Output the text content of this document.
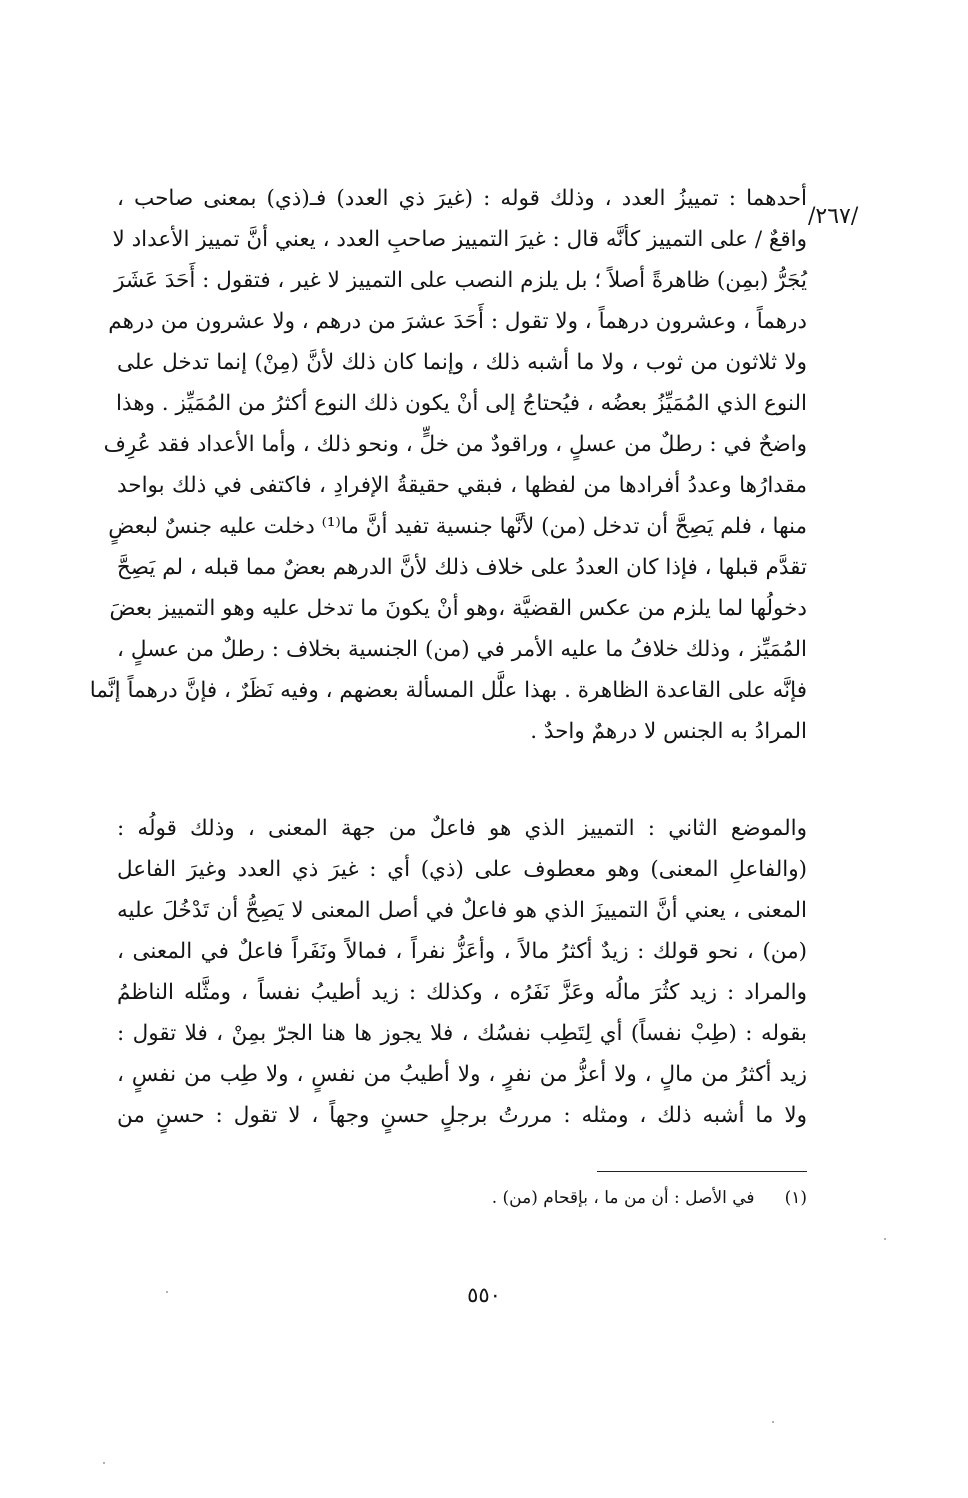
/٢٦٧/
أحدهما : تمييزُ العدد ، وذلك قوله : (غيرَ ذي العدد) فـ(ذي) بمعنى صاحب ،
واقعٌ / على التمييز كأنَّه قال : غيرَ التمييز صاحبِ العدد ، يعني أنَّ تمييز الأعداد لا
يُجَرُّ (بمِن) ظاهرةً أصلاً ؛ بل يلزم النصب على التمييز لا غير ، فتقول : أَحَدَ عَشَرَ
درهماً ، وعشرون درهماً ، ولا تقول : أَحَدَ عشرَ من درهم ، ولا عشرون من درهم
ولا ثلاثون من ثوب ، ولا ما أشبه ذلك ، وإنما كان ذلك لأنَّ (مِنْ) إنما تدخل على
النوع الذي المُمَيِّزُ بعضُه ، فيُحتاجُ إلى أنْ يكون ذلك النوع أكثرُ من المُمَيِّز . وهذا
واضحٌ في : رطلٌ من عسلٍ ، وراقودٌ من خلٍّ ، ونحو ذلك ، وأما الأعداد فقد عُرِف
مقدارُها وعددُ أفرادها من لفظها ، فبقي حقيقةُ الإفرادِ ، فاكتفى في ذلك بواحد
منها ، فلم يَصِحَّ أن تدخل (من) لأنَّها جنسية تفيد أنَّ ما⁽¹⁾ دخلت عليه جنسٌ لبعضٍ
تقدَّم قبلها ، فإذا كان العددُ على خلاف ذلك لأنَّ الدرهم بعضٌ مما قبله ، لم يَصِحَّ
دخولُها لما يلزم من عكس القضيَّة ،وهو أنْ يكونَ ما تدخل عليه وهو التمييز بعضَ
المُمَيِّز ، وذلك خلافُ ما عليه الأمر في (من) الجنسية بخلاف : رطلٌ من عسلٍ ،
فإنَّه على القاعدة الظاهرة . بهذا علَّل المسألة بعضهم ، وفيه نَظَرٌ ، فإنَّ درهماً إنَّما
المرادُ به الجنس لا درهمٌ واحدٌ .
والموضع الثاني : التمييز الذي هو فاعلٌ من جهة المعنى ، وذلك قولُه :
(والفاعلِ المعنى) وهو معطوف على (ذي) أي : غيرَ ذي العدد وغيرَ الفاعل
المعنى ، يعني أنَّ التمييزَ الذي هو فاعلٌ في أصل المعنى لا يَصِحُّ أن تَدْخُلَ عليه
(من) ، نحو قولك : زيدٌ أكثرُ مالاً ، وأعَزُّ نفراً ، فمالاً ونَفَراً فاعلٌ في المعنى ،
والمراد : زيد كثُرَ مالُه وعَزَّ نَفَرُه ، وكذلك : زيد أطيبُ نفساً ، ومثَّله الناظمُ
بقوله : (طِبْ نفساً) أي لِتَطِب نفسُك ، فلا يجوز ها هنا الجرّ بمِنْ ، فلا تقول :
زيد أكثرُ من مالٍ ، ولا أعزُّ من نفرٍ ، ولا أطيبُ من نفسٍ ، ولا طِب من نفسٍ ،
ولا ما أشبه ذلك ، ومثله : مررتُ برجلٍ حسنٍ وجهاً ، لا تقول : حسنٍ من
(١)في الأصل : أن من ما ، بإقحام (من) .
٥٥٠
